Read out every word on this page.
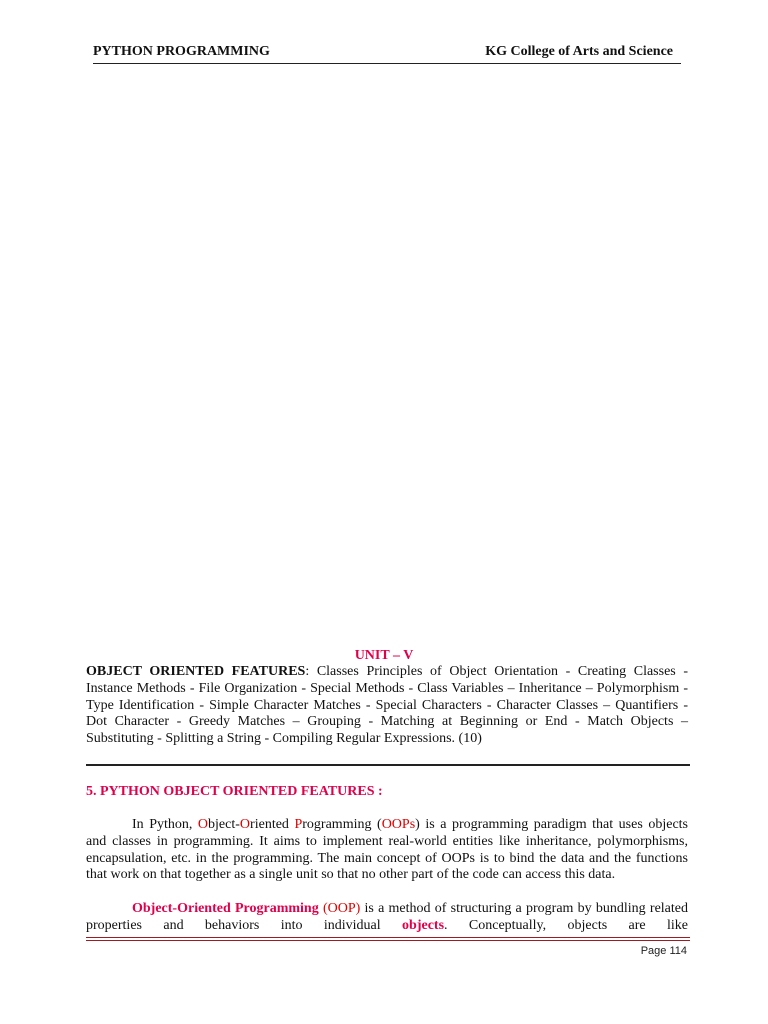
PYTHON PROGRAMMING	KG College of Arts and Science
UNIT – V
OBJECT ORIENTED FEATURES: Classes Principles of Object Orientation - Creating Classes - Instance Methods - File Organization - Special Methods - Class Variables – Inheritance – Polymorphism - Type Identification - Simple Character Matches - Special Characters - Character Classes – Quantifiers - Dot Character - Greedy Matches – Grouping - Matching at Beginning or End - Match Objects – Substituting - Splitting a String - Compiling Regular Expressions. (10)
5. PYTHON OBJECT ORIENTED FEATURES :

In Python, Object-Oriented Programming (OOPs) is a programming paradigm that uses objects and classes in programming. It aims to implement real-world entities like inheritance, polymorphisms, encapsulation, etc. in the programming. The main concept of OOPs is to bind the data and the functions that work on that together as a single unit so that no other part of the code can access this data.

Object-Oriented Programming (OOP) is a method of structuring a program by bundling related properties and behaviors into individual objects. Conceptually, objects are like

Page 114
